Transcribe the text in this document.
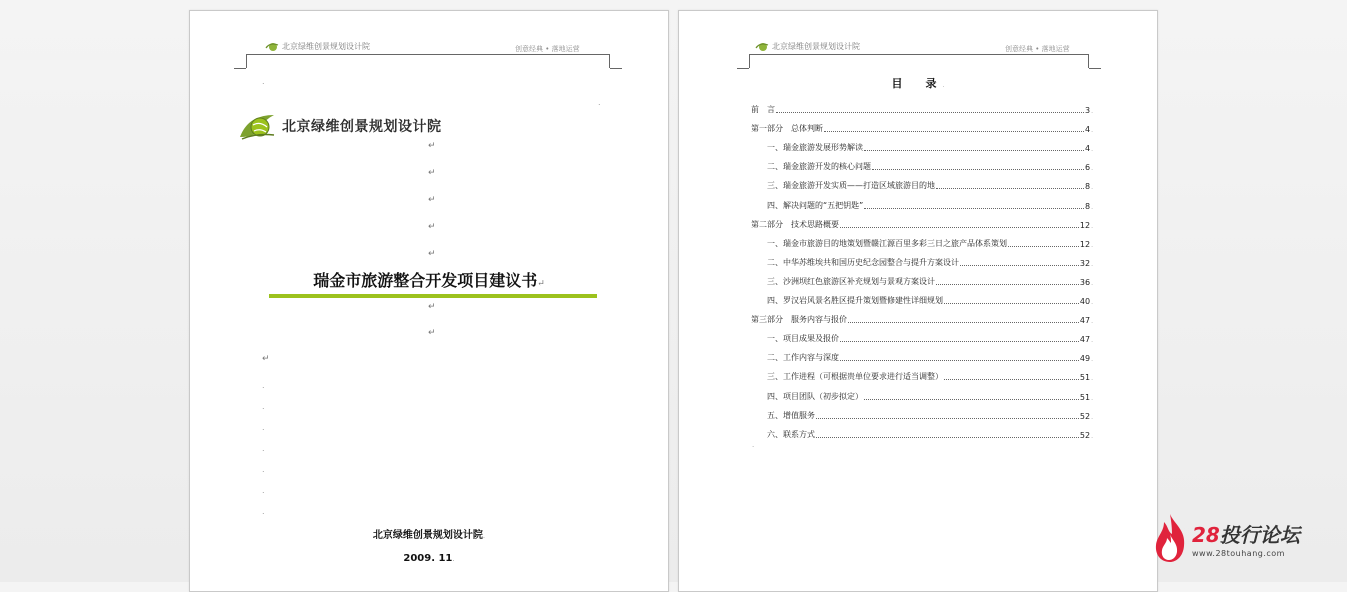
北京绿维创景规划设计院	创意经典 • 落地运营
.
.
北京绿维创景规划设计院
↵
↵
↵
↵
↵
瑞金市旅游整合开发项目建议书↵
↵
↵
↵
.
.
.
.
.
.
.
北京绿维创景规划设计院.
2009. 11.
北京绿维创景规划设计院	创意经典 • 落地运营
目　录.
前　言	3 .
第一部分　总体判断	4 .
一、瑞金旅游发展形势解读	4 .
二、瑞金旅游开发的核心问题	6 .
三、瑞金旅游开发实质——打造区域旅游目的地	8 .
四、解决问题的“五把钥匙”	8 .
第二部分　技术思路概要	12 .
一、瑞金市旅游目的地策划暨赣江源百里多彩三日之旅产品体系策划	12 .
二、中华苏维埃共和国历史纪念园整合与提升方案设计	32 .
三、沙洲坝红色旅游区补充规划与景观方案设计	36 .
四、罗汉岩风景名胜区提升策划暨修建性详细规划	40 .
第三部分　服务内容与报价	47 .
一、项目成果及报价	47 .
二、工作内容与深度	49 .
三、工作进程（可根据贵单位要求进行适当调整）	51 .
四、项目团队（初步拟定）	51 .
五、增值服务	52 .
六、联系方式	52 .
.
28投行论坛
www.28touhang.com
